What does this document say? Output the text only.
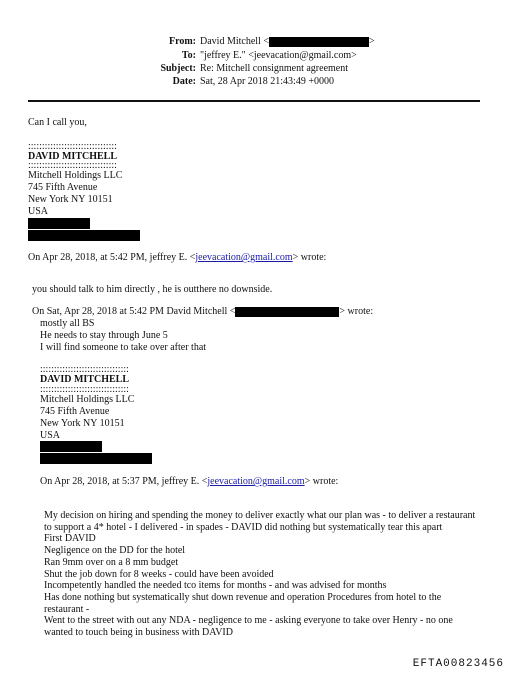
From: David Mitchell <	>
To: "jeffrey E." <jeevacation@gmail.com>
Subject: Re: Mitchell consignment agreement
Date: Sat, 28 Apr 2018 21:43:49 +0000
Can I call you,
::::::::::::::::::::::::::::::::
DAVID MITCHELL
::::::::::::::::::::::::::::::::
Mitchell Holdings LLC
745 Fifth Avenue
New York NY 10151
USA
On Apr 28, 2018, at 5:42 PM, jeffrey E. <jeevacation@gmail.com> wrote:
you should talk to him directly , he is outthere no downside.
On Sat, Apr 28, 2018 at 5:42 PM David Mitchell <	> wrote:
mostly all BS
He needs to stay through June 5
I will find someone to take over after that
::::::::::::::::::::::::::::::::
DAVID MITCHELL
::::::::::::::::::::::::::::::::
Mitchell Holdings LLC
745 Fifth Avenue
New York NY 10151
USA
On Apr 28, 2018, at 5:37 PM, jeffrey E. <jeevacation@gmail.com> wrote:
My decision on hiring and spending the money to deliver exactly what our plan was - to deliver a restaurant
to support a 4* hotel - I delivered - in spades - DAVID did nothing but systematically tear this apart
First DAVID
Negligence on the DD for the hotel
Ran 9mm over on a 8 mm budget
Shut the job down for 8 weeks - could have been avoided
Incompetently handled the needed tco items for months - and was advised for months
Has done nothing but systematically shut down revenue and operation Procedures from hotel to the
restaurant -
Went to the street with out any NDA - negligence to me - asking everyone to take over Henry - no one
wanted to touch being in business with DAVID
EFTA00823456
